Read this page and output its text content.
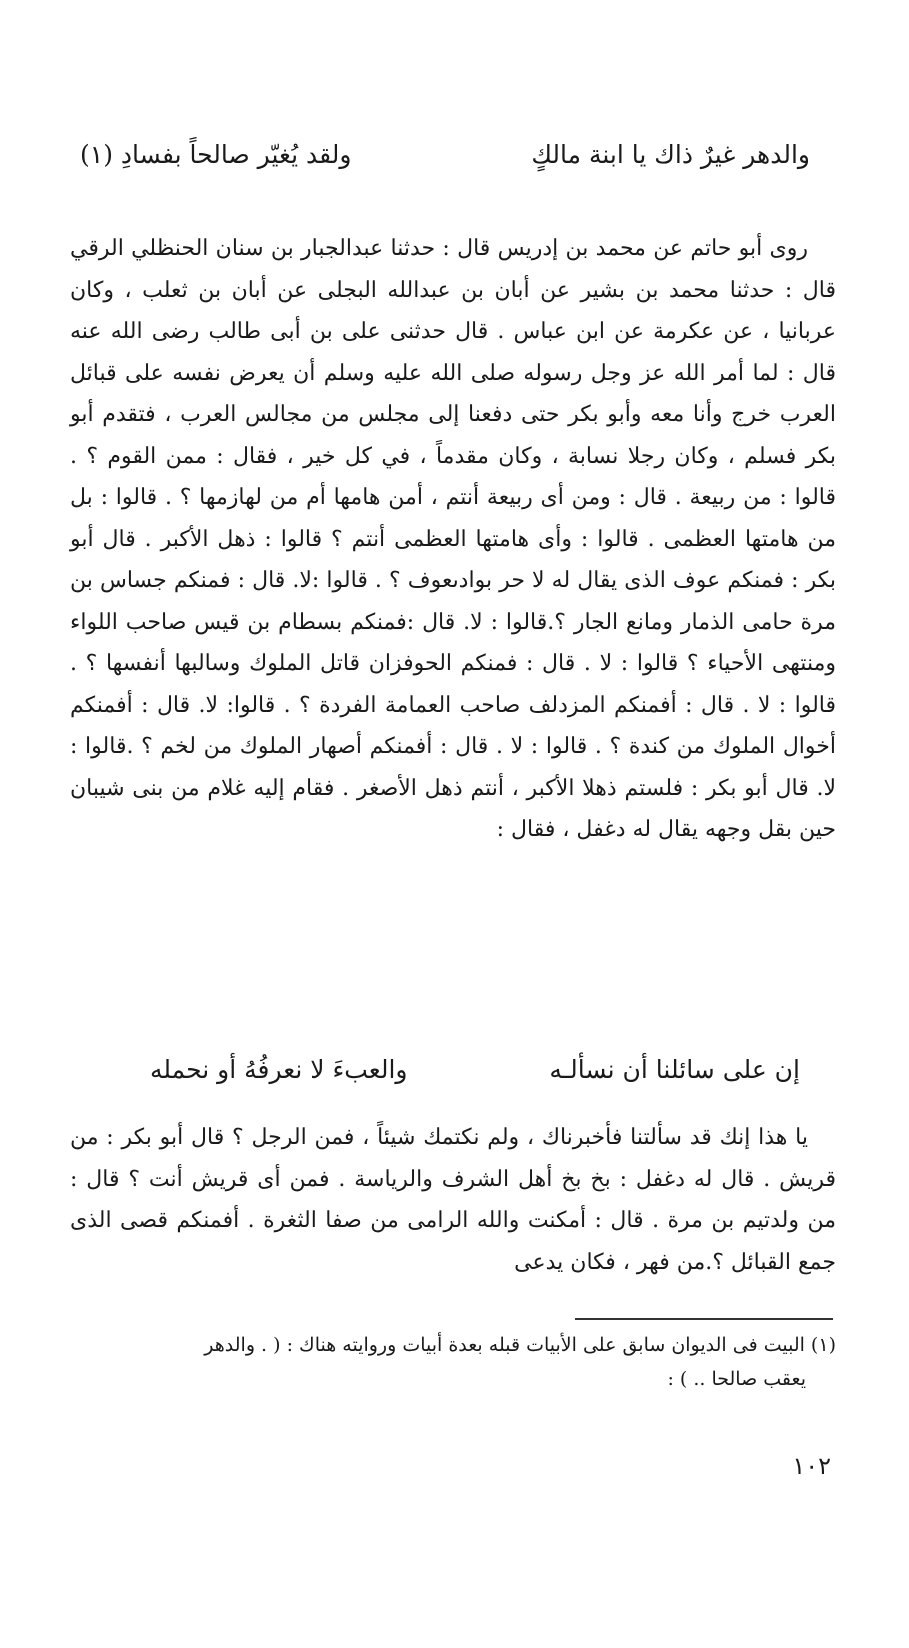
والدهر غيرٌ ذاك يا ابنة مالكٍ
ولقد يُغيّر صالحاً بفسادِ (١)

روى أبو حاتم عن محمد بن إدريس قال : حدثنا عبدالجبار بن سنان الحنظلي الرقي قال : حدثنا محمد بن بشير عن أبان بن عبدالله البجلى عن أبان بن ثعلب ، وكان عربانيا ، عن عكرمة عن ابن عباس . قال حدثنى على بن أبى طالب رضى الله عنه قال : لما أمر الله عز وجل رسوله صلى الله عليه وسلم أن يعرض نفسه على قبائل العرب خرج وأنا معه وأبو بكر حتى دفعنا إلى مجلس من مجالس العرب ، فتقدم أبو بكر فسلم ، وكان رجلا نسابة ، وكان مقدماً ، في كل خير ، فقال : ممن القوم ؟ . قالوا : من ربيعة . قال : ومن أى ربيعة أنتم ، أمن هامها أم من لهازمها ؟ . قالوا : بل من هامتها العظمى . قالوا : وأى هامتها العظمى أنتم ؟ قالوا : ذهل الأكبر . قال أبو بكر : فمنكم عوف الذى يقال له لا حر بوادىعوف ؟ . قالوا :لا. قال : فمنكم جساس بن مرة حامى الذمار ومانع الجار ؟.قالوا : لا. قال :فمنكم بسطام بن قيس صاحب اللواء ومنتهى الأحياء ؟ قالوا : لا . قال : فمنكم الحوفزان قاتل الملوك وسالبها أنفسها ؟ . قالوا : لا . قال : أفمنكم المزدلف صاحب العمامة الفردة ؟ . قالوا: لا. قال : أفمنكم أخوال الملوك من كندة ؟ . قالوا : لا . قال : أفمنكم أصهار الملوك من لخم ؟ .قالوا : لا. قال أبو بكر : فلستم ذهلا الأكبر ، أنتم ذهل الأصغر . فقام إليه غلام من بنى شيبان حين بقل وجهه يقال له دغفل ، فقال :

إن على سائلنا أن نسألـه
والعبءَ لا نعرفُهُ أو نحمله

يا هذا إنك قد سألتنا فأخبرناك ، ولم نكتمك شيئاً ، فمن الرجل ؟ قال أبو بكر : من قريش . قال له دغفل : بخ بخ أهل الشرف والرياسة . فمن أى قريش أنت ؟ قال : من ولدتيم بن مرة . قال : أمكنت والله الرامى من صفا الثغرة . أفمنكم قصى الذى جمع القبائل ؟.من فهر ، فكان يدعى

(١) البيت فى الديوان سابق على الأبيات قبله بعدة أبيات وروايته هناك : ( . والدهر
يعقب صالحا .. ) :
١٠٢
